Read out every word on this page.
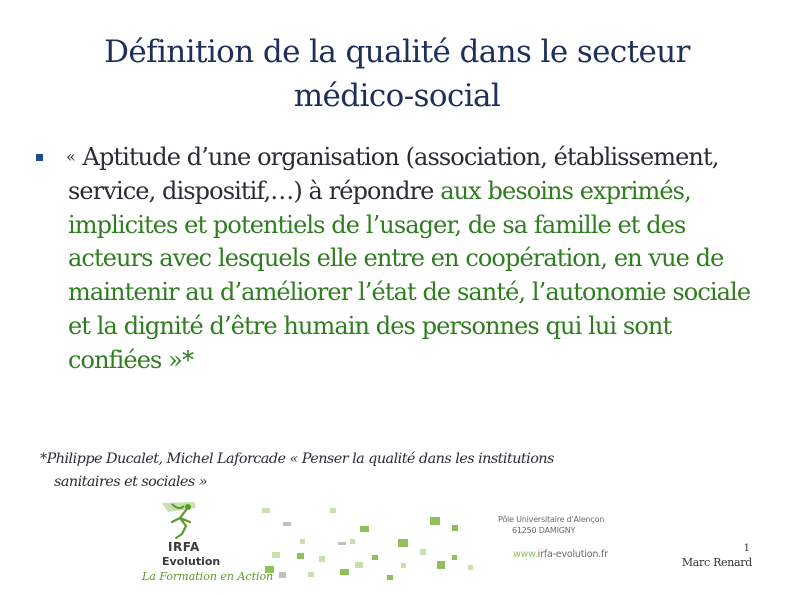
Définition de la qualité dans le secteur
médico-social
« Aptitude d’une organisation (association, établissement, service, dispositif,…) à répondre aux besoins exprimés, implicites et potentiels de l’usager, de sa famille et des acteurs avec lesquels elle entre en coopération, en vue de maintenir au d’améliorer l’état de santé, l’autonomie sociale et la dignité d’être humain des personnes qui lui sont confiées »*
*Philippe Ducalet, Michel Laforcade « Penser la qualité dans les institutions
sanitaires et sociales »
IRFA
Evolution
La Formation en Action
Pôle Universitaire d'Alençon
61250 DAMIGNY
www.irfa-evolution.fr
1
Marc Renard
